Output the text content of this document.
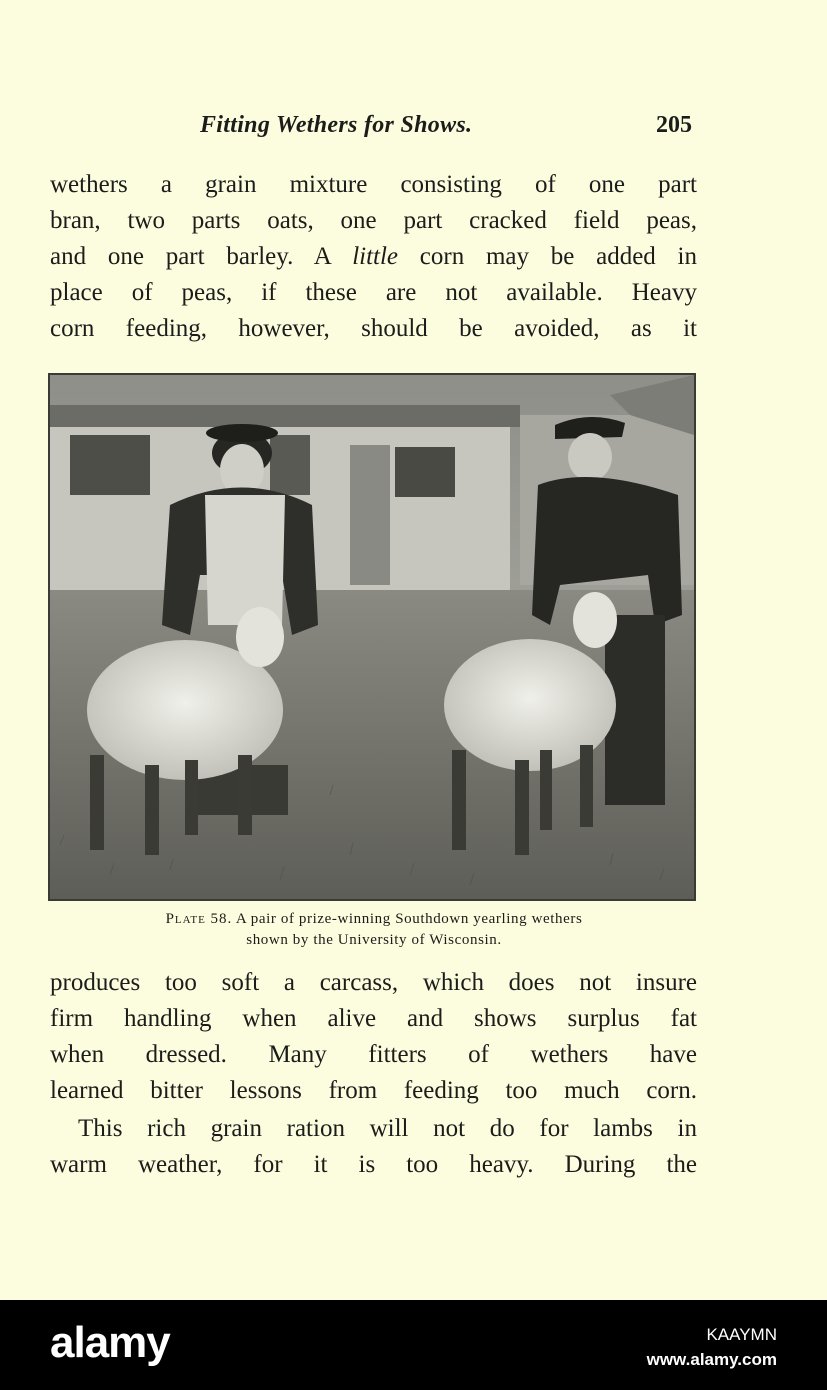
Fitting Wethers for Shows.	205

wethers a grain mixture consisting of one part
bran, two parts oats, one part cracked field peas,
and one part barley. A little corn may be added in
place of peas, if these are not available. Heavy
corn feeding, however, should be avoided, as it

Plate 58. A pair of prize-winning Southdown yearling wethers
shown by the University of Wisconsin.

produces too soft a carcass, which does not insure
firm handling when alive and shows surplus fat
when dressed. Many fitters of wethers have
learned bitter lessons from feeding too much corn.

This rich grain ration will not do for lambs in
warm weather, for it is too heavy. During the

alamy	KAAYMN
www.alamy.com
